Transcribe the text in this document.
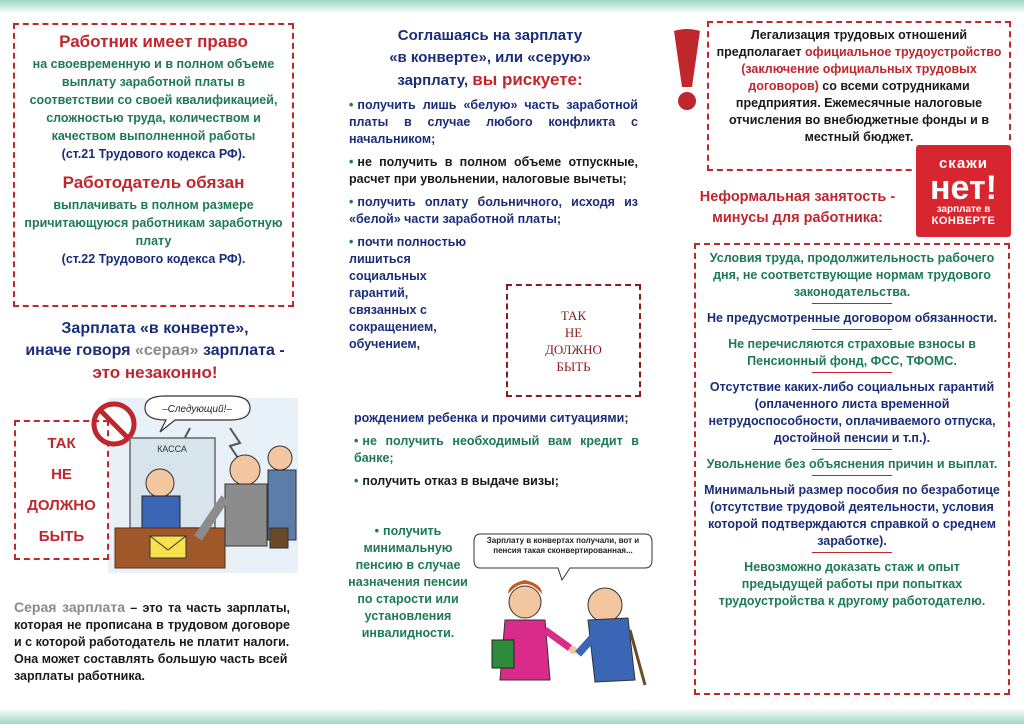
Работник имеет право
на своевременную и в полном объеме выплату заработной платы в соответствии со своей квалификацией, сложностью труда, количеством и качеством выполненной работы
(ст.21 Трудового кодекса РФ).
Работодатель обязан
выплачивать в полном размере причитающуюся работникам заработную плату
(ст.22 Трудового кодекса РФ).
Зарплата «в конверте»,
иначе говоря «серая» зарплата -
это незаконно!
–Следующий!–
КАССА
ТАК
НЕ
ДОЛЖНО
БЫТЬ
Серая зарплата – это та часть зарплаты, которая не прописана в трудовом договоре и с которой работодатель не платит налоги.
Она может составлять большую часть всей зарплаты работника.
Соглашаясь на зарплату
«в конверте», или «серую»
зарплату, вы рискуете:
• получить лишь «белую» часть заработной платы в случае любого конфликта с начальником;
• не получить в полном объеме отпускные, расчет при увольнении, налоговые вычеты;
• получить оплату больничного, исходя из «белой» части заработной платы;
• почти полностью лишиться социальных гарантий, связанных с сокращением, обучением,
ТАК
НЕ
ДОЛЖНО
БЫТЬ
рождением ребенка и прочими ситуациями;
• не получить необходимый вам кредит в банке;
• получить отказ в выдаче визы;
• получить минимальную пенсию в случае назначения пенсии по старости или установления инвалидности.
Зарплату в конвертах получали, вот и пенсия такая сконвертированная...
Легализация трудовых отношений предполагает официальное трудоустройство (заключение официальных трудовых договоров) со всеми сотрудниками предприятия. Ежемесячные налоговые отчисления во внебюджетные фонды и в местный бюджет.
скажи
нет!
зарплате в
КОНВЕРТЕ
Неформальная занятость - минусы для работника:
Условия труда, продолжительность рабочего дня, не соответствующие нормам трудового законодательства.
Не предусмотренные договором обязанности.
Не перечисляются страховые взносы в Пенсионный фонд, ФСС, ТФОМС.
Отсутствие каких-либо социальных гарантий (оплаченного листа временной нетрудоспособности, оплачиваемого отпуска, достойной пенсии и т.п.).
Увольнение без объяснения причин и выплат.
Минимальный размер пособия по безработице (отсутствие трудовой деятельности, условия которой подтверждаются справкой о среднем заработке).
Невозможно доказать стаж и опыт предыдущей работы при попытках трудоустройства к другому работодателю.
